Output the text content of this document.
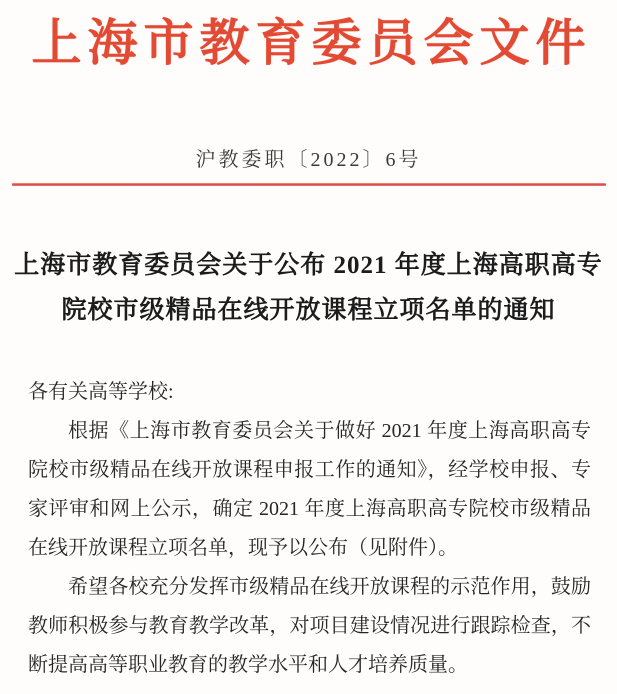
上海市教育委员会文件
沪教委职〔2022〕6号
上海市教育委员会关于公布 2021 年度上海高职高专
院校市级精品在线开放课程立项名单的通知

各有关高等学校:

根据《上海市教育委员会关于做好 2021 年度上海高职高专院校市级精品在线开放课程申报工作的通知》，经学校申报、专家评审和网上公示，确定 2021 年度上海高职高专院校市级精品在线开放课程立项名单，现予以公布（见附件）。

希望各校充分发挥市级精品在线开放课程的示范作用，鼓励教师积极参与教育教学改革，对项目建设情况进行跟踪检查，不断提高高等职业教育的教学水平和人才培养质量。
